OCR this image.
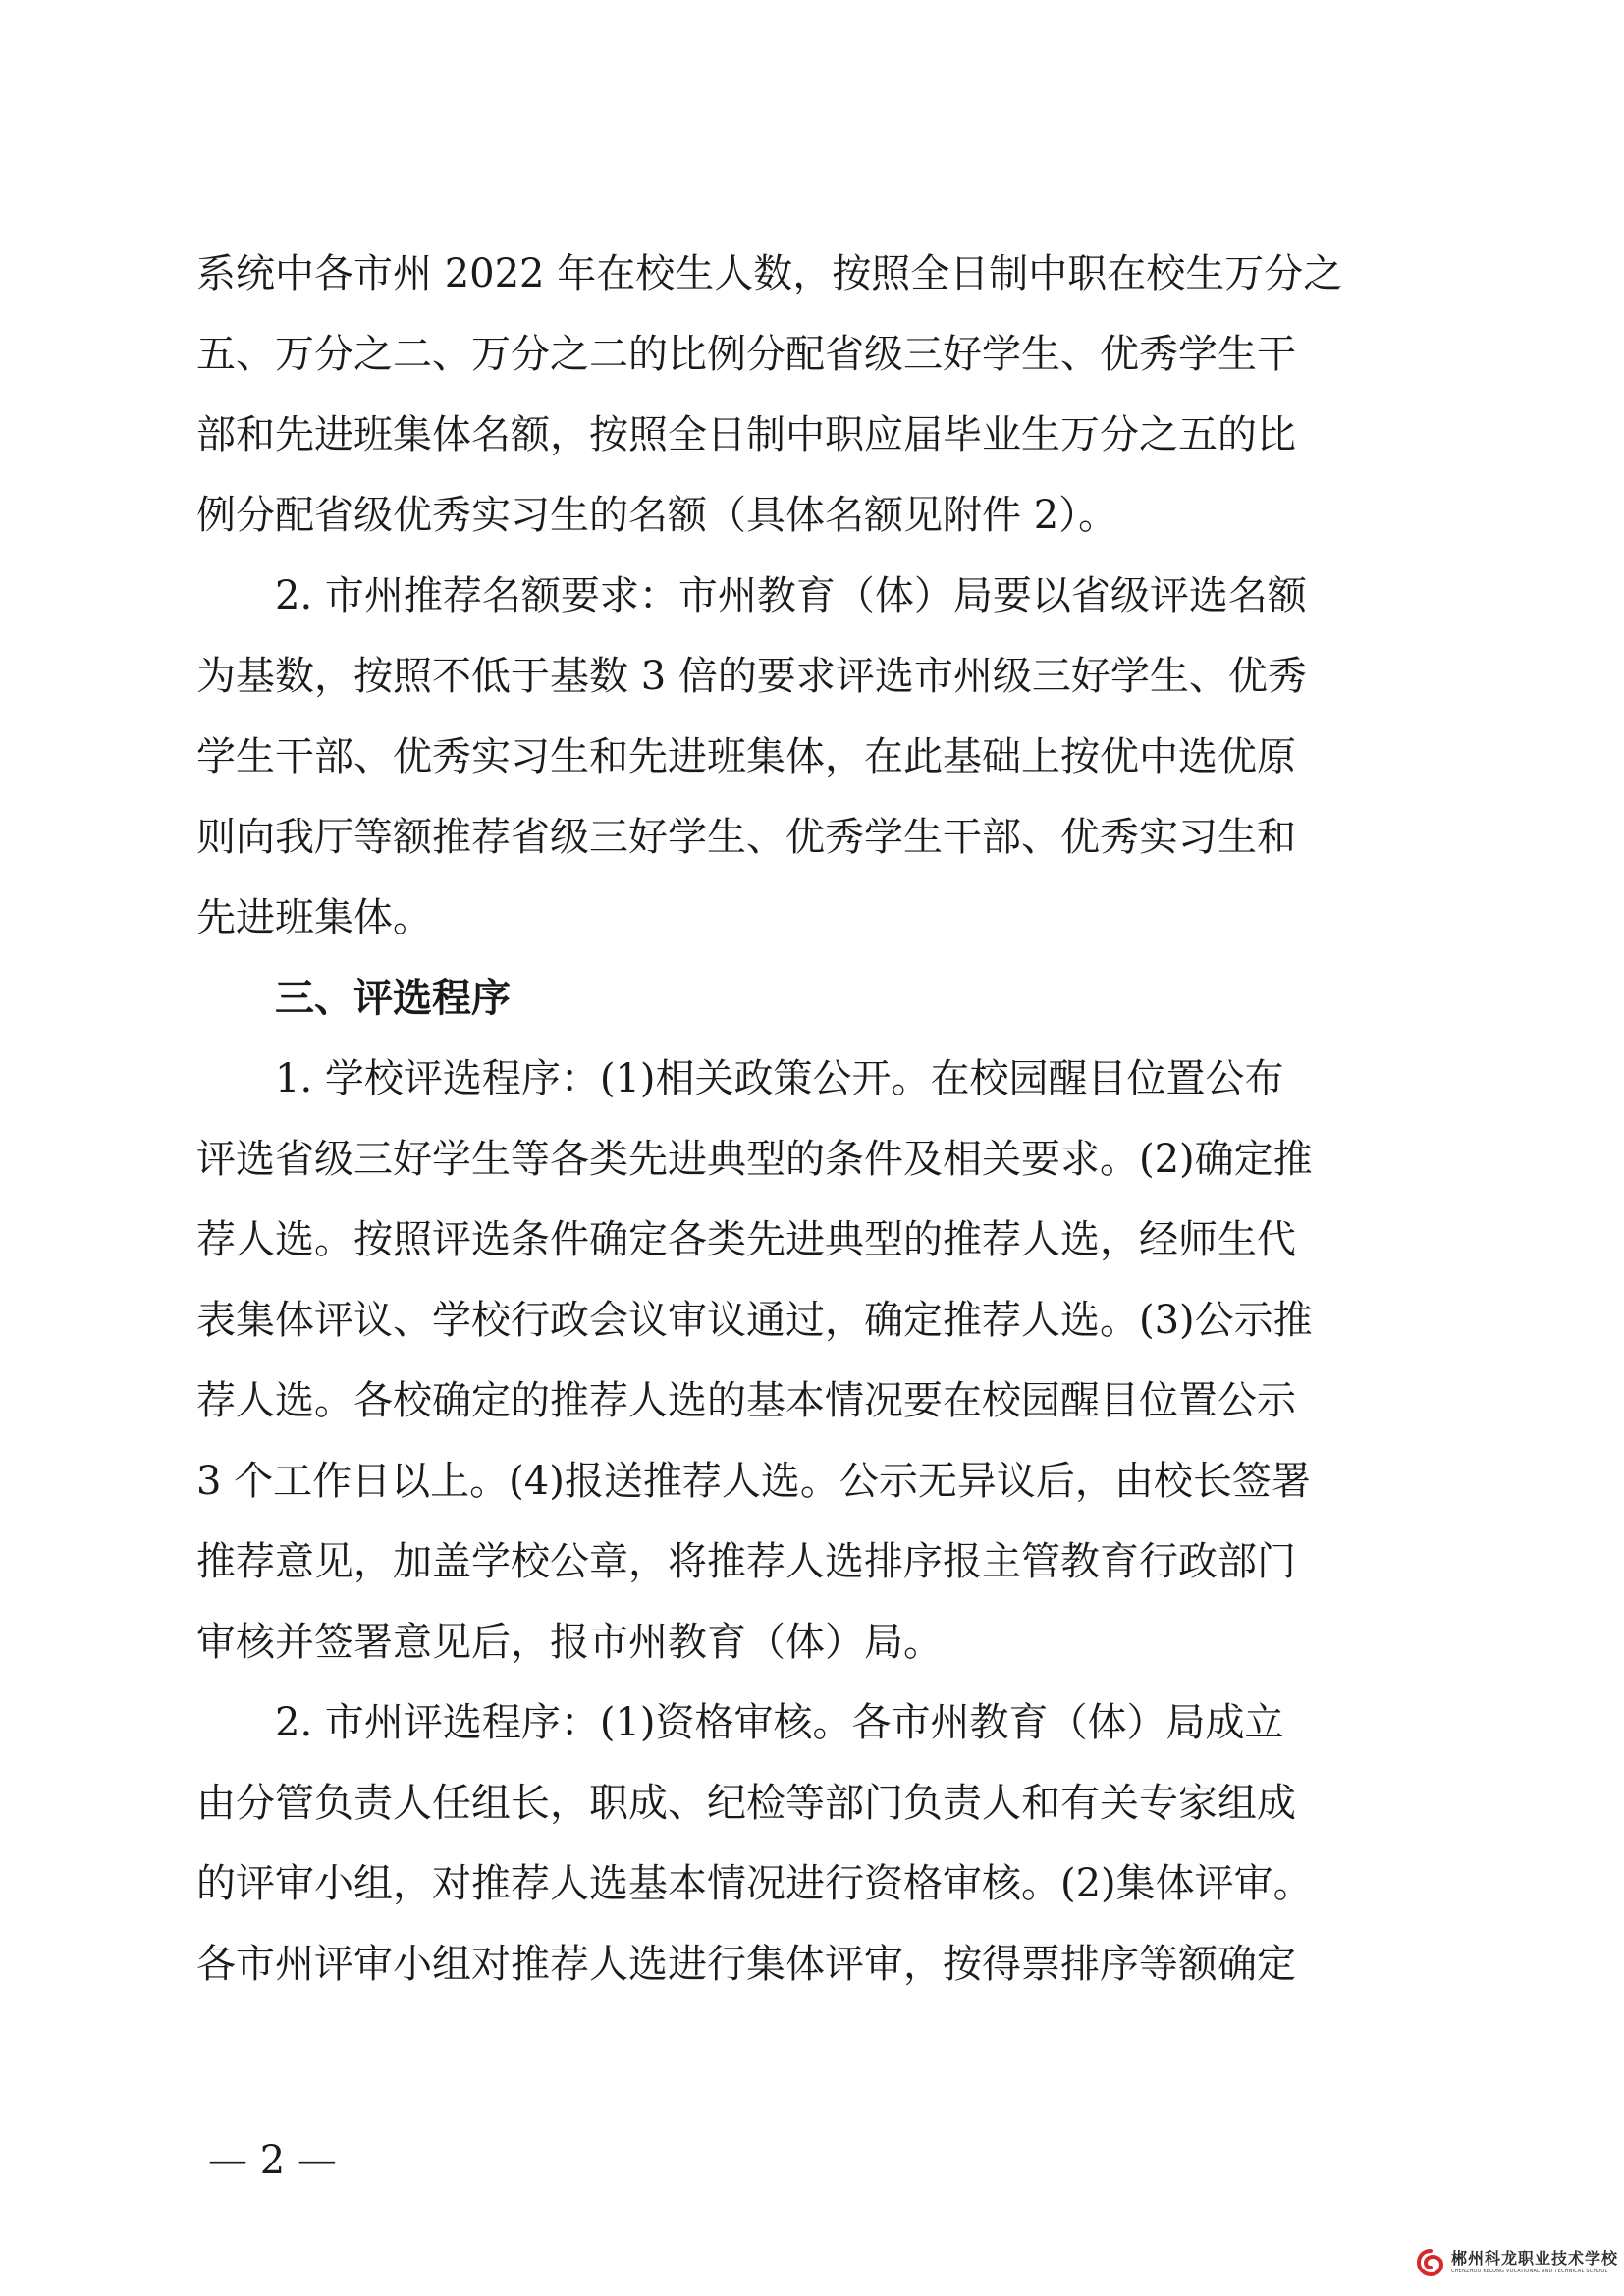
系统中各市州 2022 年在校生人数，按照全日制中职在校生万分之
五、万分之二、万分之二的比例分配省级三好学生、优秀学生干
部和先进班集体名额，按照全日制中职应届毕业生万分之五的比
例分配省级优秀实习生的名额（具体名额见附件 2）。
2. 市州推荐名额要求：市州教育（体）局要以省级评选名额
为基数，按照不低于基数 3 倍的要求评选市州级三好学生、优秀
学生干部、优秀实习生和先进班集体，在此基础上按优中选优原
则向我厅等额推荐省级三好学生、优秀学生干部、优秀实习生和
先进班集体。
三、评选程序
1. 学校评选程序：(1)相关政策公开。在校园醒目位置公布
评选省级三好学生等各类先进典型的条件及相关要求。(2)确定推
荐人选。按照评选条件确定各类先进典型的推荐人选，经师生代
表集体评议、学校行政会议审议通过，确定推荐人选。(3)公示推
荐人选。各校确定的推荐人选的基本情况要在校园醒目位置公示
3 个工作日以上。(4)报送推荐人选。公示无异议后，由校长签署
推荐意见，加盖学校公章，将推荐人选排序报主管教育行政部门
审核并签署意见后，报市州教育（体）局。
2. 市州评选程序：(1)资格审核。各市州教育（体）局成立
由分管负责人任组长，职成、纪检等部门负责人和有关专家组成
的评审小组，对推荐人选基本情况进行资格审核。(2)集体评审。
各市州评审小组对推荐人选进行集体评审，按得票排序等额确定
— 2 —
郴州科龙职业技术学校
CHENZHOU KELONG VOCATIONAL AND TECHNICAL SCHOOL
